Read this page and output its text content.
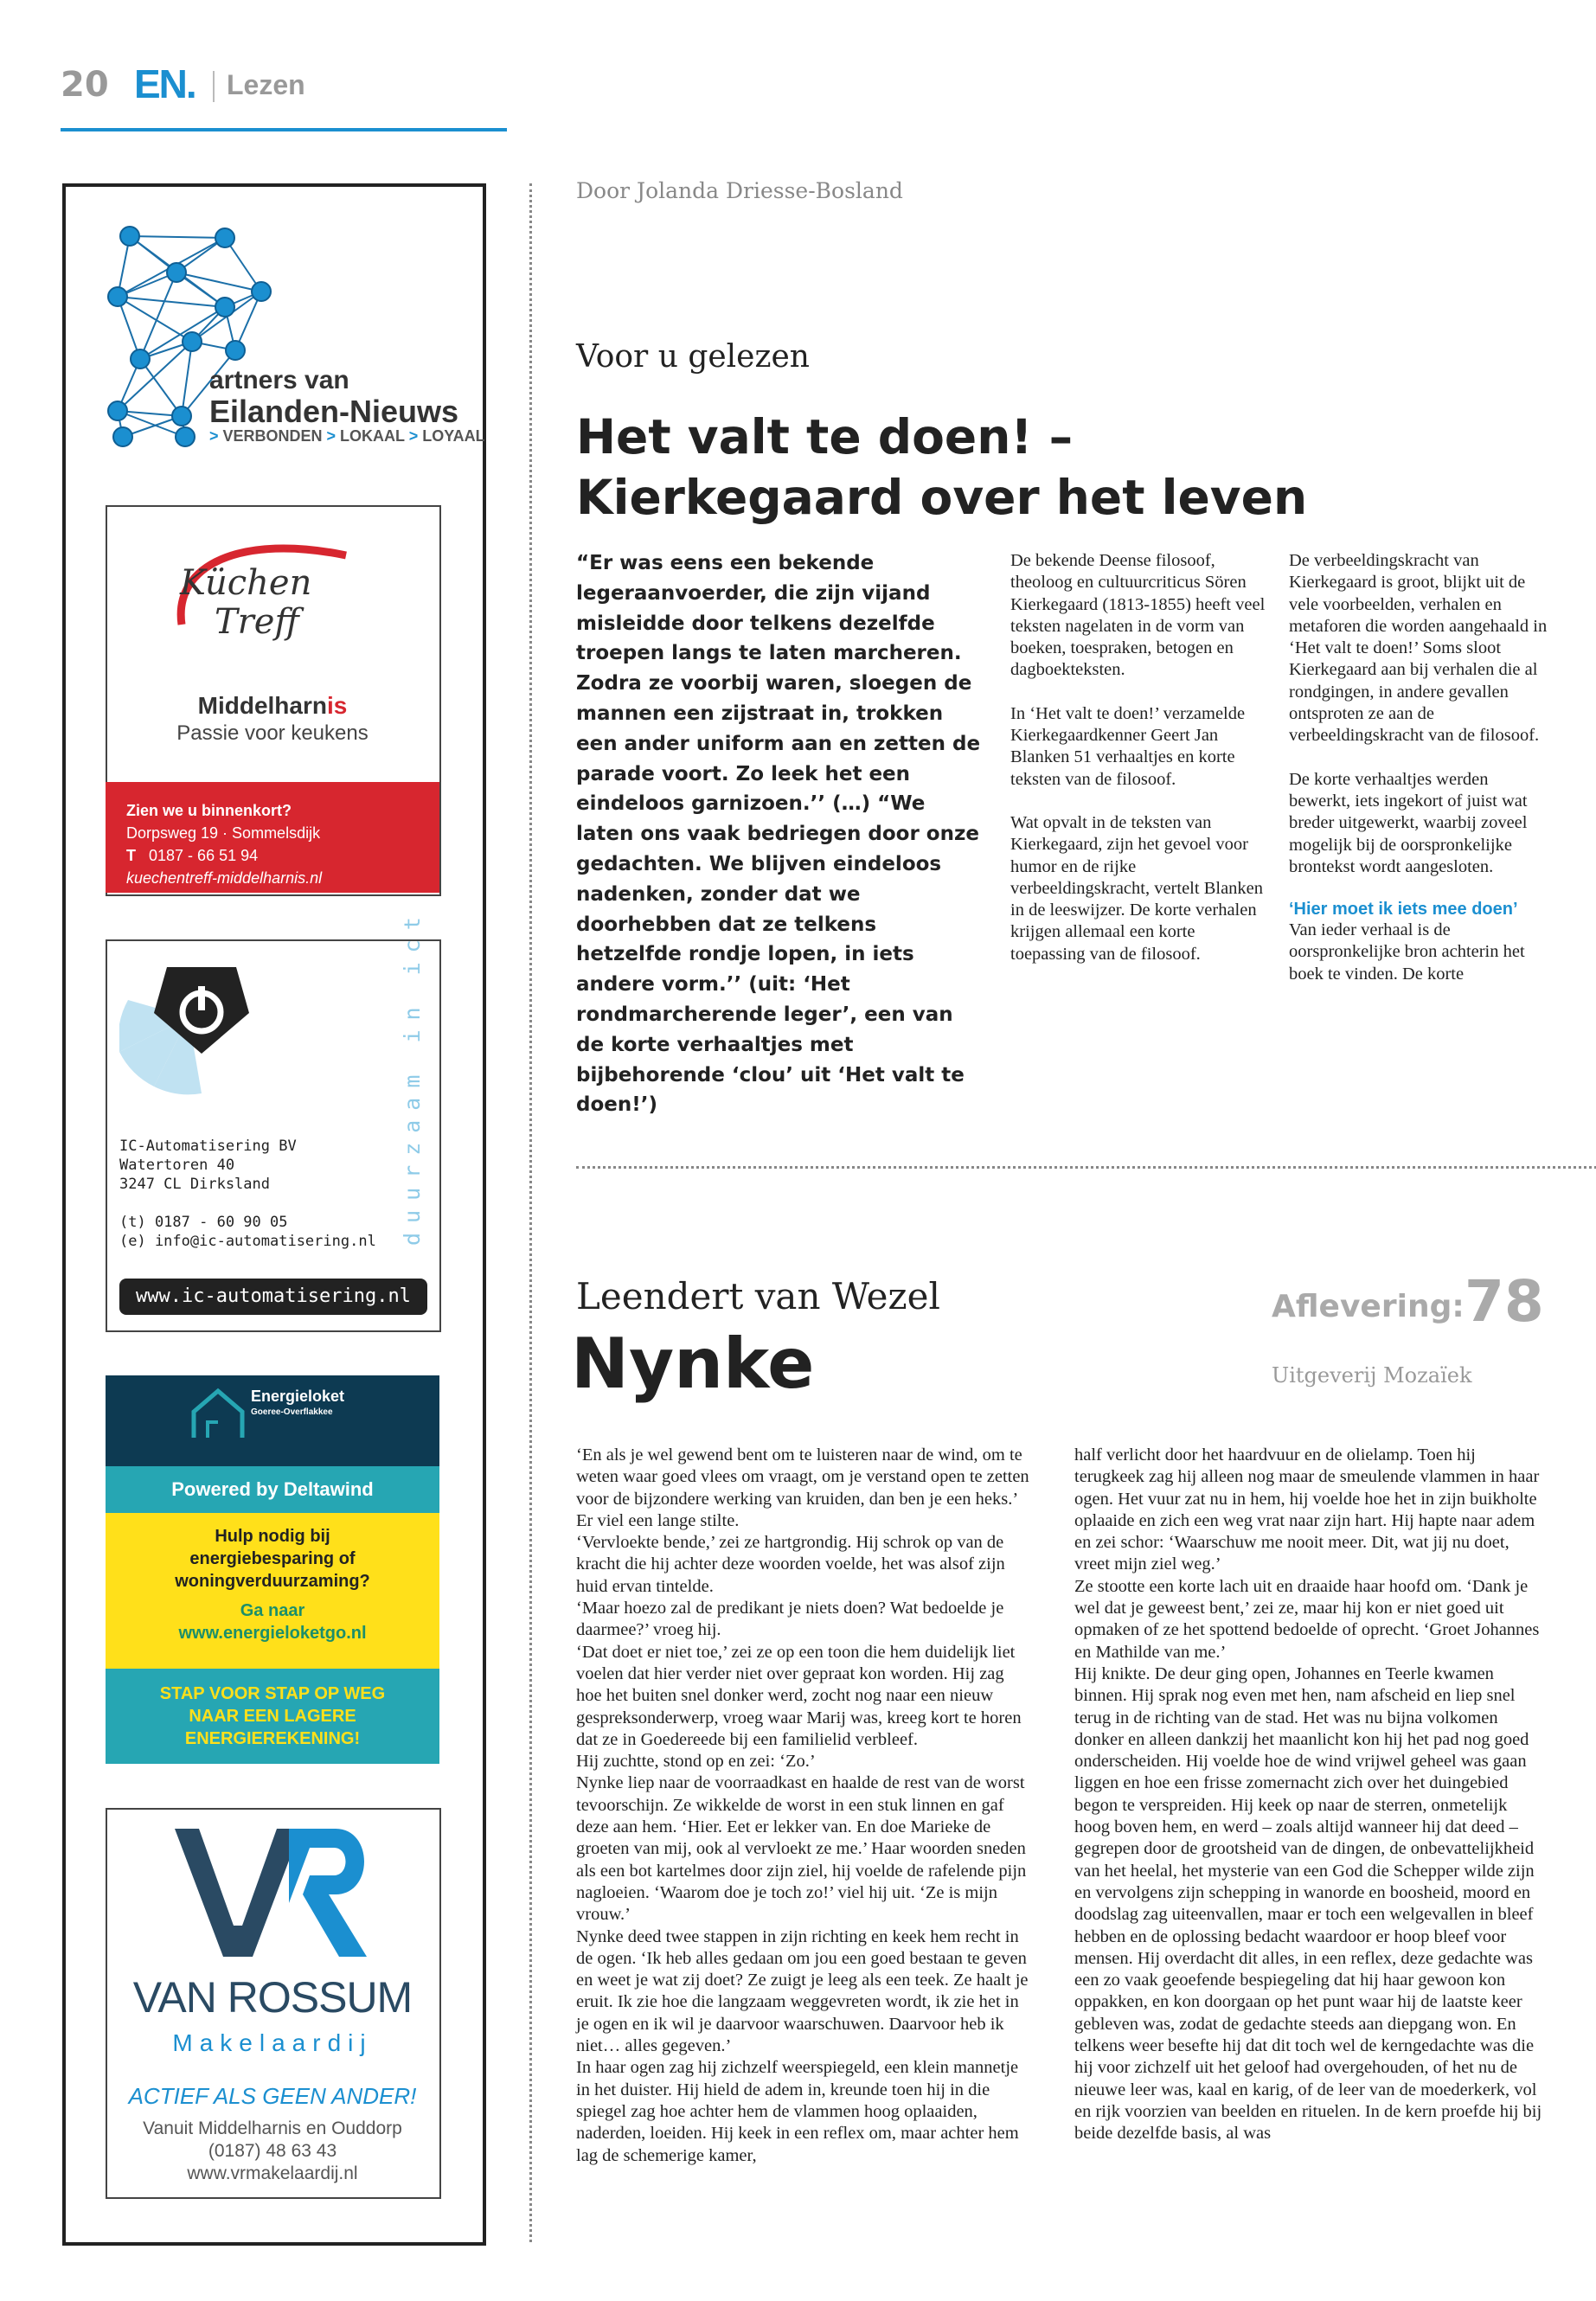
20 EN. Lezen
artners van
Eilanden-Nieuws
> VERBONDEN > LOKAAL > LOYAAL
Küchen
Treff
Middelharnis
Passie voor keukens
Zien we u binnenkort?
Dorpsweg 19 · Sommelsdijk
T 0187 - 66 51 94
kuechentreff-middelharnis.nl
IC-Automatisering BV
Watertoren 40
3247 CL Dirksland

(t) 0187 - 60 90 05
(e) info@ic-automatisering.nl duurzaam in ict
www.ic-automatisering.nl
Energieloket
Goeree-Overflakkee
Powered by Deltawind
Hulp nodig bij
energiebesparing of
woningverduurzaming?
Ga naar
www.energieloketgo.nl
STAP VOOR STAP OP WEG
NAAR EEN LAGERE
ENERGIEREKENING!
VAN ROSSUM
Makelaardij
ACTIEF ALS GEEN ANDER!
Vanuit Middelharnis en Ouddorp
(0187) 48 63 43
www.vrmakelaardij.nl
Door Jolanda Driesse-Bosland
Voor u gelezen
Het valt te doen! –
Kierkegaard over het leven
“Er was eens een bekende legeraanvoerder, die zijn vijand misleidde door telkens dezelfde troepen langs te laten marcheren. Zodra ze voorbij waren, sloegen de mannen een zijstraat in, trokken een ander uniform aan en zetten de parade voort. Zo leek het een eindeloos garnizoen.’’ (…) “We laten ons vaak bedriegen door onze gedachten. We blijven eindeloos nadenken, zonder dat we doorhebben dat ze telkens hetzelfde rondje lopen, in iets andere vorm.’’ (uit: ‘Het rondmarcherende leger’, een van de korte verhaaltjes met bijbehorende ‘clou’ uit ‘Het valt te doen!’)

De bekende Deense filosoof, theoloog en cultuurcriticus Sören Kierkegaard (1813-1855) heeft veel teksten nagelaten in de vorm van boeken, toespraken, betogen en dagboekteksten.

In ‘Het valt te doen!’ verzamelde Kierkegaardkenner Geert Jan Blanken 51 verhaaltjes en korte teksten van de filosoof.

Wat opvalt in de teksten van Kierkegaard, zijn het gevoel voor humor en de rijke verbeeldingskracht, vertelt Blanken in de leeswijzer. De korte verhalen krijgen allemaal een korte toepassing van de filosoof.

De verbeeldingskracht van Kierkegaard is groot, blijkt uit de vele voorbeelden, verhalen en metaforen die worden aangehaald in ‘Het valt te doen!’ Soms sloot Kierkegaard aan bij verhalen die al rondgingen, in andere gevallen ontsproten ze aan de verbeeldingskracht van de filosoof.

De korte verhaaltjes werden bewerkt, iets ingekort of juist wat breder uitgewerkt, waarbij zoveel mogelijk bij de oorspronkelijke brontekst wordt aangesloten.

‘Hier moet ik iets mee doen’
Van ieder verhaal is de oorspronkelijke bron achterin het boek te vinden. De korte
Leendert van Wezel
Nynke
Aflevering: 78
Uitgeverij Mozaïek
‘En als je wel gewend bent om te luisteren naar de wind, om te weten waar goed vlees om vraagt, om je verstand open te zetten voor de bijzondere werking van kruiden, dan ben je een heks.’
Er viel een lange stilte.
‘Vervloekte bende,’ zei ze hartgrondig. Hij schrok op van de kracht die hij achter deze woorden voelde, het was alsof zijn huid ervan tintelde.
‘Maar hoezo zal de predikant je niets doen? Wat bedoelde je daarmee?’ vroeg hij.
‘Dat doet er niet toe,’ zei ze op een toon die hem duidelijk liet voelen dat hier verder niet over gepraat kon worden. Hij zag hoe het buiten snel donker werd, zocht nog naar een nieuw gespreksonderwerp, vroeg waar Marij was, kreeg kort te horen dat ze in Goedereede bij een familielid verbleef.
Hij zuchtte, stond op en zei: ‘Zo.’
Nynke liep naar de voorraadkast en haalde de rest van de worst tevoorschijn. Ze wikkelde de worst in een stuk linnen en gaf deze aan hem. ‘Hier. Eet er lekker van. En doe Marieke de groeten van mij, ook al vervloekt ze me.’ Haar woorden sneden als een bot kartelmes door zijn ziel, hij voelde de rafelende pijn nagloeien. ‘Waarom doe je toch zo!’ viel hij uit. ‘Ze is mijn vrouw.’
Nynke deed twee stappen in zijn richting en keek hem recht in de ogen. ‘Ik heb alles gedaan om jou een goed bestaan te geven en weet je wat zij doet? Ze zuigt je leeg als een teek. Ze haalt je eruit. Ik zie hoe die langzaam weggevreten wordt, ik zie het in je ogen en ik wil je daarvoor waarschuwen. Daarvoor heb ik niet… alles gegeven.’
In haar ogen zag hij zichzelf weerspiegeld, een klein mannetje in het duister. Hij hield de adem in, kreunde toen hij in die spiegel zag hoe achter hem de vlammen hoog oplaaiden, naderden, loeiden. Hij keek in een reflex om, maar achter hem lag de schemerige kamer,
half verlicht door het haardvuur en de olielamp. Toen hij terugkeek zag hij alleen nog maar de smeulende vlammen in haar ogen. Het vuur zat nu in hem, hij voelde hoe het in zijn buikholte oplaaide en zich een weg vrat naar zijn hart. Hij hapte naar adem en zei schor: ‘Waarschuw me nooit meer. Dit, wat jij nu doet, vreet mijn ziel weg.’
Ze stootte een korte lach uit en draaide haar hoofd om. ‘Dank je wel dat je geweest bent,’ zei ze, maar hij kon er niet goed uit opmaken of ze het spottend bedoelde of oprecht. ‘Groet Johannes en Mathilde van me.’
Hij knikte. De deur ging open, Johannes en Teerle kwamen binnen. Hij sprak nog even met hen, nam afscheid en liep snel terug in de richting van de stad. Het was nu bijna volkomen donker en alleen dankzij het maanlicht kon hij het pad nog goed onderscheiden. Hij voelde hoe de wind vrijwel geheel was gaan liggen en hoe een frisse zomernacht zich over het duingebied begon te verspreiden. Hij keek op naar de sterren, onmetelijk hoog boven hem, en werd – zoals altijd wanneer hij dat deed – gegrepen door de grootsheid van de dingen, de onbevattelijkheid van het heelal, het mysterie van een God die Schepper wilde zijn en vervolgens zijn schepping in wanorde en boosheid, moord en doodslag zag uiteenvallen, maar er toch een welgevallen in bleef hebben en de oplossing bedacht waardoor er hoop bleef voor mensen. Hij overdacht dit alles, in een reflex, deze gedachte was een zo vaak geoefende bespiegeling dat hij haar gewoon kon oppakken, en kon doorgaan op het punt waar hij de laatste keer gebleven was, zodat de gedachte steeds aan diepgang won. En telkens weer besefte hij dat dit toch wel de kerngedachte was die hij voor zichzelf uit het geloof had overgehouden, of het nu de nieuwe leer was, kaal en karig, of de leer van de moederkerk, vol en rijk voorzien van beelden en rituelen. In de kern proefde hij bij beide dezelfde basis, al was
